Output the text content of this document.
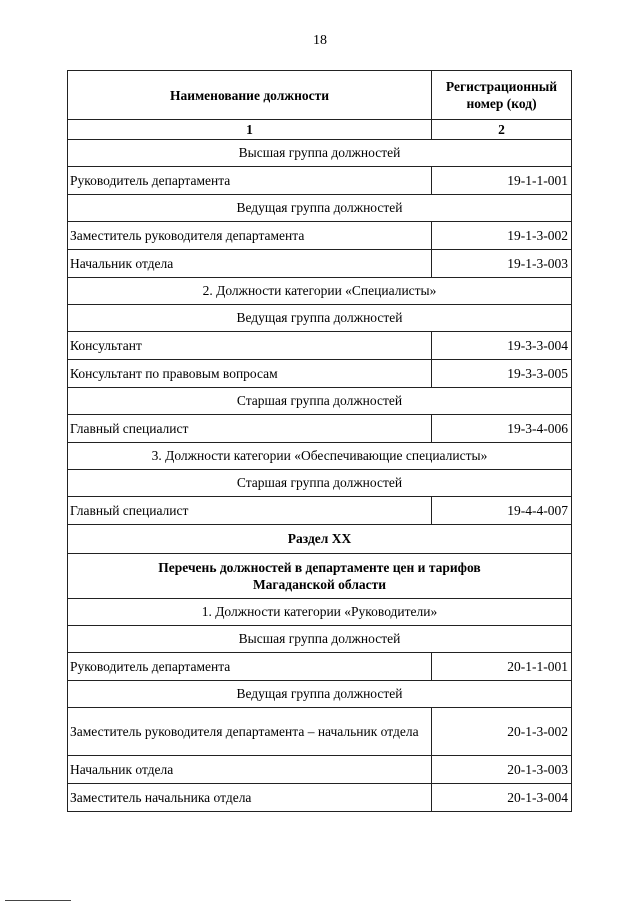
18
Наименование должности	Регистрационный
номер (код)
1	2
Высшая группа должностей	
Руководитель департамента	19-1-1-001
Ведущая группа должностей	
Заместитель руководителя департамента	19-1-3-002
Начальник отдела	19-1-3-003
2. Должности категории «Специалисты»	
Ведущая группа должностей	
Консультант	19-3-3-004
Консультант по правовым вопросам	19-3-3-005
Старшая группа должностей	
Главный специалист	19-3-4-006
3. Должности категории «Обеспечивающие специалисты»	
Старшая группа должностей	
Главный специалист	19-4-4-007
Раздел XX	
Перечень должностей в департаменте цен и тарифов
Магаданской области	
1. Должности категории «Руководители»	
Высшая группа должностей	
Руководитель департамента	20-1-1-001
Ведущая группа должностей	
Заместитель руководителя департамента – начальник отдела	20-1-3-002
Начальник отдела	20-1-3-003
Заместитель начальника отдела	20-1-3-004
